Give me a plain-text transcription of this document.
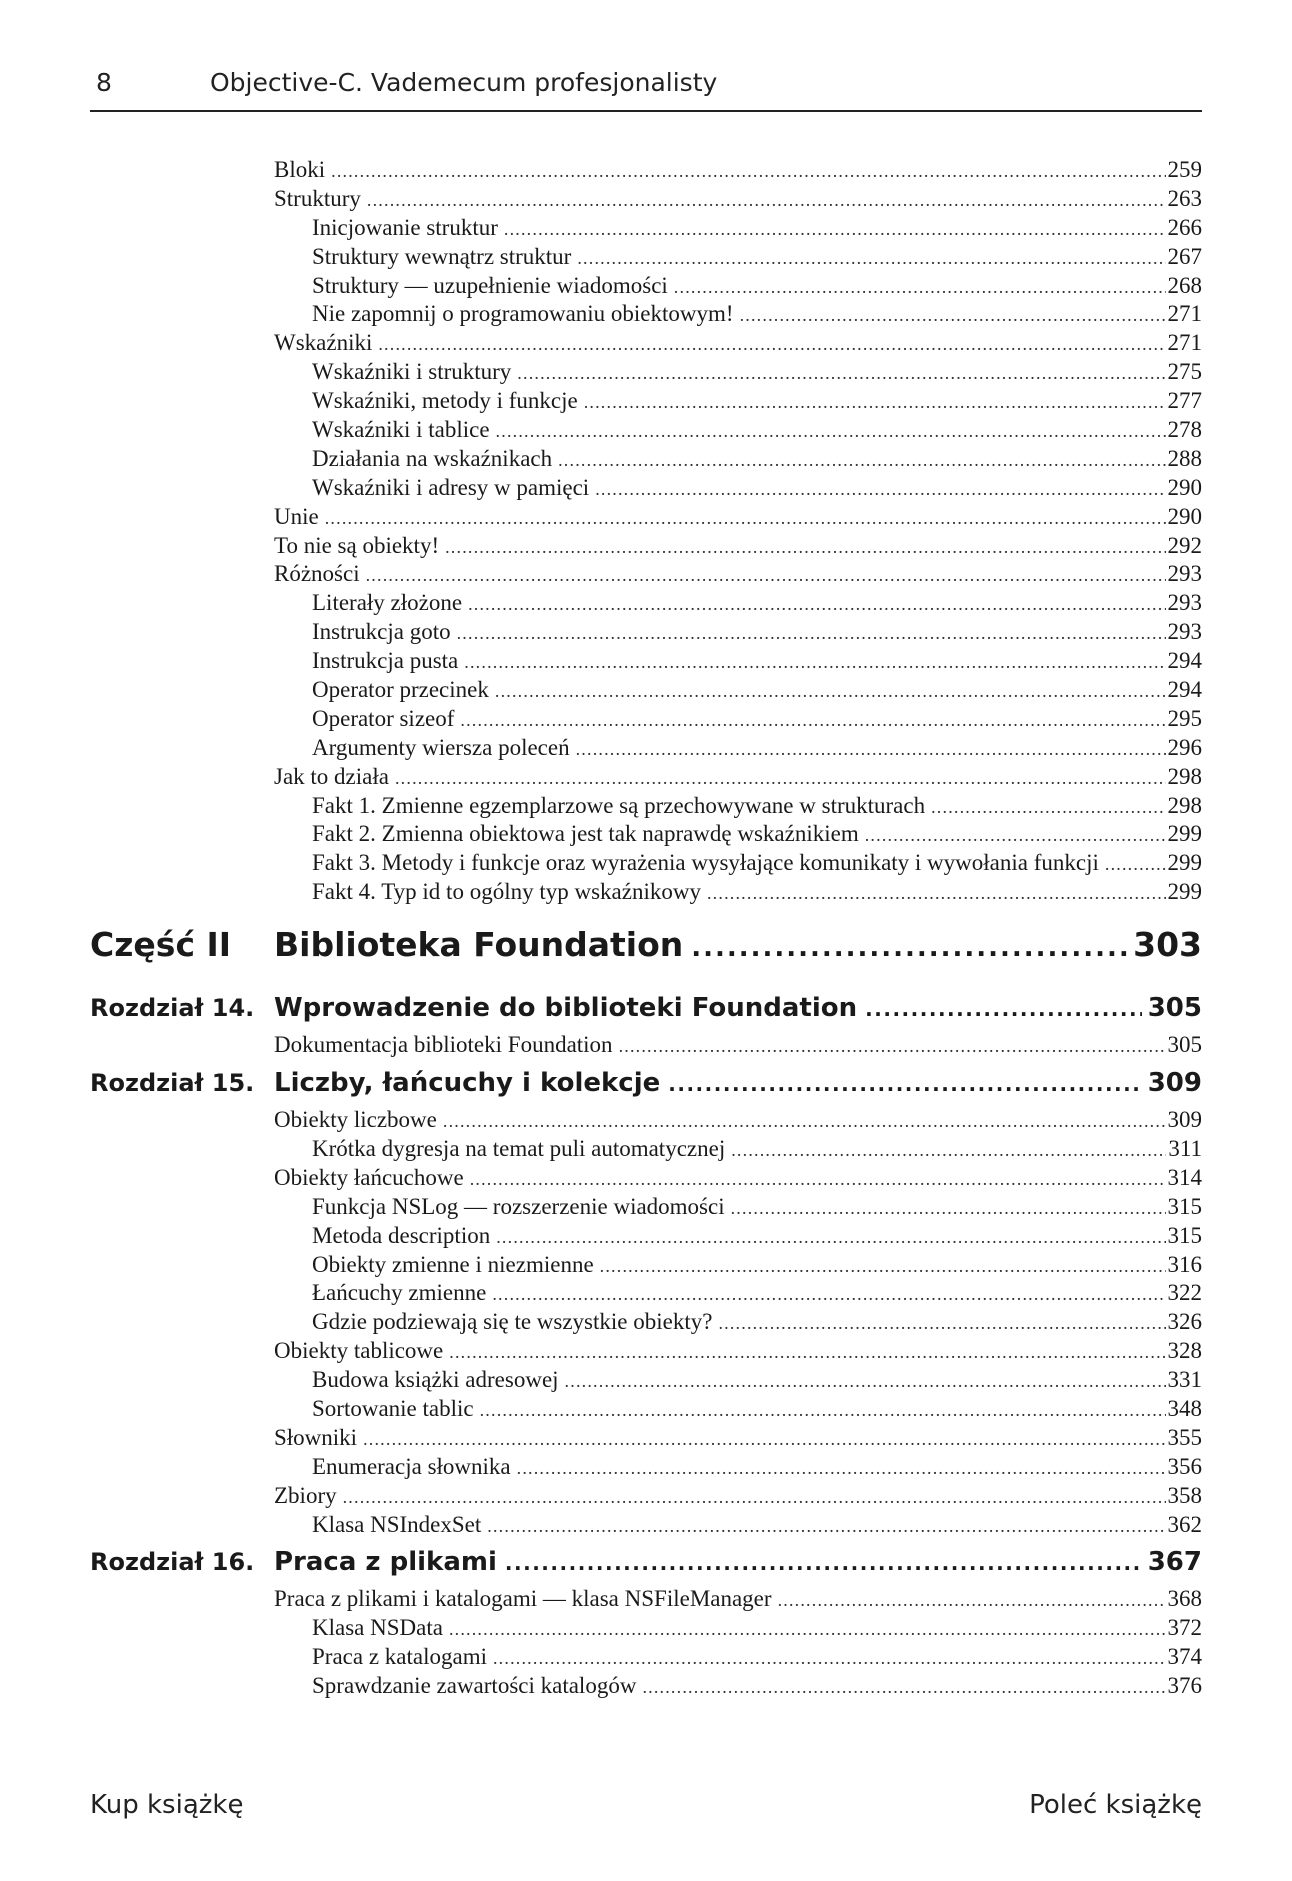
8	Objective-C. Vademecum profesjonalisty
Bloki .....	259
Struktury .....	263
Inicjowanie struktur .....	266
Struktury wewnątrz struktur .....	267
Struktury — uzupełnienie wiadomości .....	268
Nie zapomnij o programowaniu obiektowym! .....	271
Wskaźniki .....	271
Wskaźniki i struktury .....	275
Wskaźniki, metody i funkcje .....	277
Wskaźniki i tablice .....	278
Działania na wskaźnikach .....	288
Wskaźniki i adresy w pamięci .....	290
Unie .....	290
To nie są obiekty! .....	292
Różności .....	293
Literały złożone .....	293
Instrukcja goto .....	293
Instrukcja pusta .....	294
Operator przecinek .....	294
Operator sizeof .....	295
Argumenty wiersza poleceń .....	296
Jak to działa .....	298
Fakt 1. Zmienne egzemplarzowe są przechowywane w strukturach .....	298
Fakt 2. Zmienna obiektowa jest tak naprawdę wskaźnikiem .....	299
Fakt 3. Metody i funkcje oraz wyrażenia wysyłające komunikaty i wywołania funkcji .....	299
Fakt 4. Typ id to ogólny typ wskaźnikowy .....	299
Część II	Biblioteka Foundation .....	303
Rozdział 14. Wprowadzenie do biblioteki Foundation .....	305
Dokumentacja biblioteki Foundation .....	305
Rozdział 15. Liczby, łańcuchy i kolekcje .....	309
Obiekty liczbowe .....	309
Krótka dygresja na temat puli automatycznej .....	311
Obiekty łańcuchowe .....	314
Funkcja NSLog — rozszerzenie wiadomości .....	315
Metoda description .....	315
Obiekty zmienne i niezmienne .....	316
Łańcuchy zmienne .....	322
Gdzie podziewają się te wszystkie obiekty? .....	326
Obiekty tablicowe .....	328
Budowa książki adresowej .....	331
Sortowanie tablic .....	348
Słowniki .....	355
Enumeracja słownika .....	356
Zbiory .....	358
Klasa NSIndexSet .....	362
Rozdział 16. Praca z plikami .....	367
Praca z plikami i katalogami — klasa NSFileManager .....	368
Klasa NSData .....	372
Praca z katalogami .....	374
Sprawdzanie zawartości katalogów .....	376
Kup książkę	Poleć książkę
